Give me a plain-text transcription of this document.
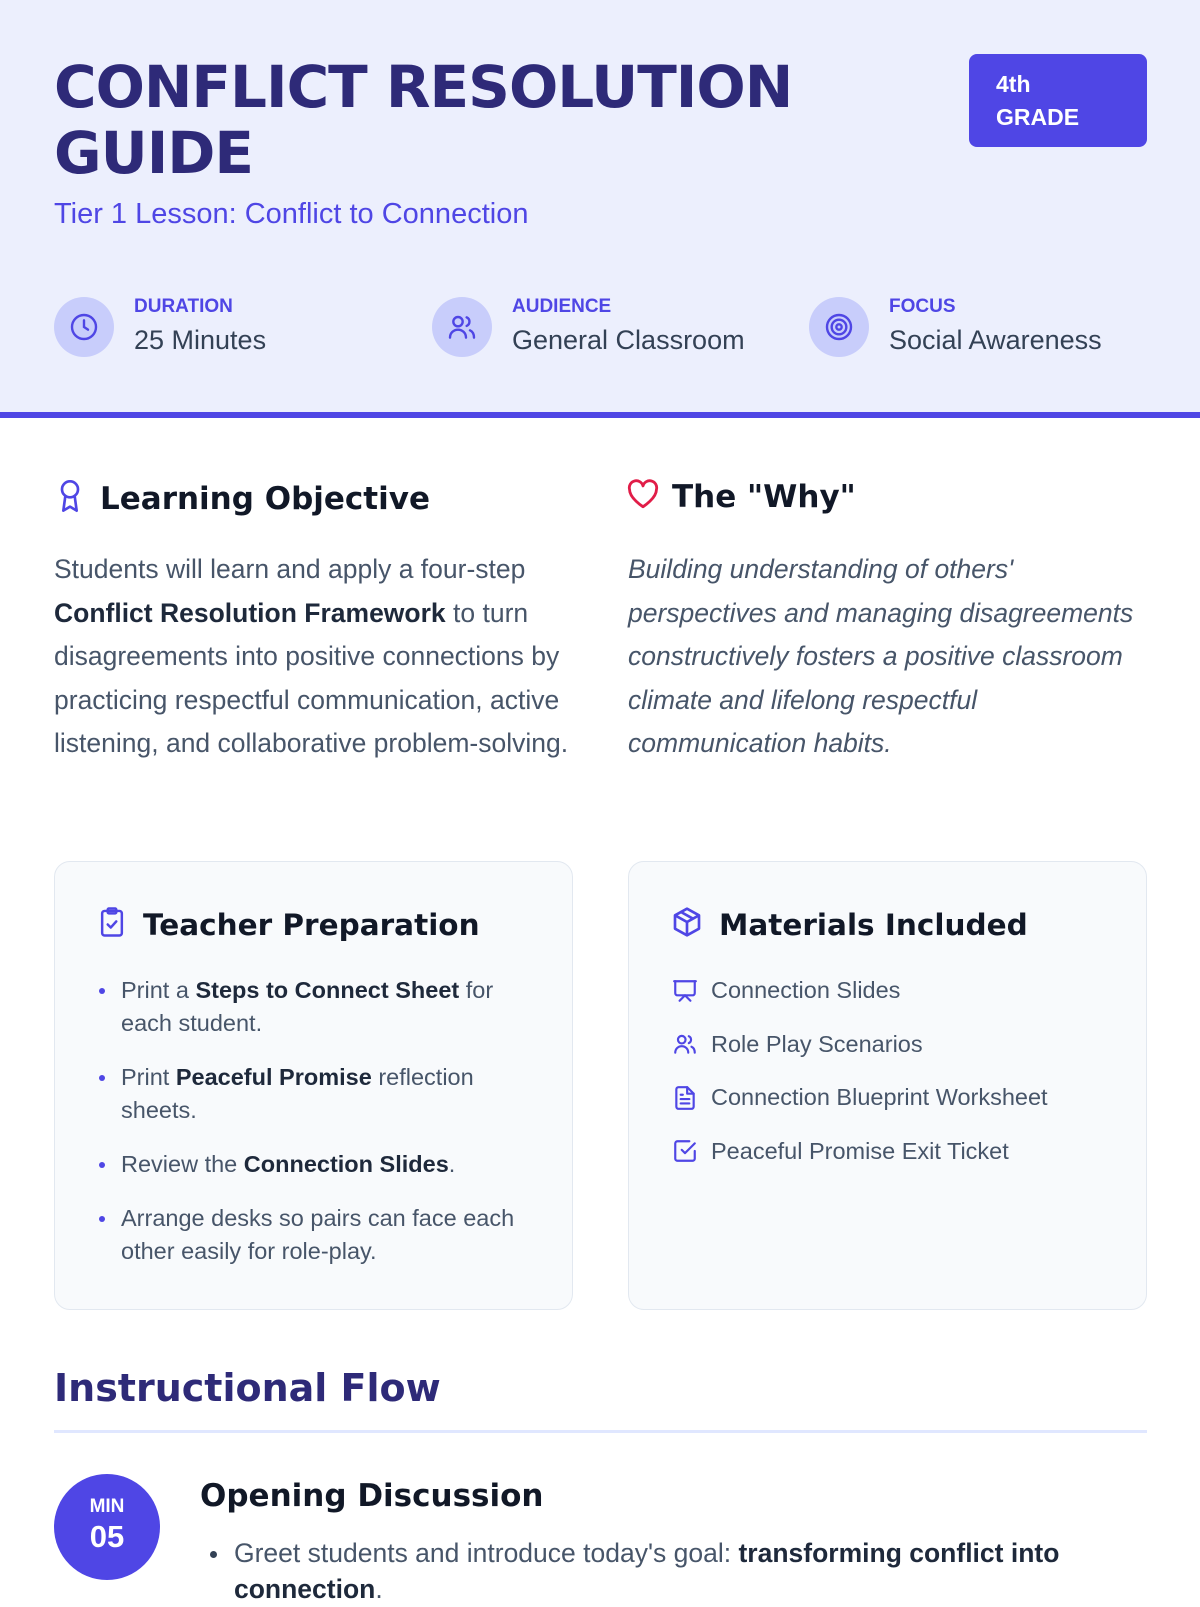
CONFLICT RESOLUTION GUIDE
Tier 1 Lesson: Conflict to Connection
4th
GRADE
DURATION
25 Minutes
AUDIENCE
General Classroom
FOCUS
Social Awareness
Learning Objective

Students will learn and apply a four-step Conflict Resolution Framework to turn disagreements into positive connections by practicing respectful communication, active listening, and collaborative problem-solving.

The "Why"

Building understanding of others' perspectives and managing disagreements constructively fosters a positive classroom climate and lifelong respectful communication habits.

Teacher Preparation
Print a Steps to Connect Sheet for each student.
Print Peaceful Promise reflection sheets.
Review the Connection Slides.
Arrange desks so pairs can face each other easily for role-play.
Materials Included
Connection Slides
Role Play Scenarios
Connection Blueprint Worksheet
Peaceful Promise Exit Ticket
Instructional Flow
MIN
05
Opening Discussion
Greet students and introduce today's goal: transforming conflict into connection.
